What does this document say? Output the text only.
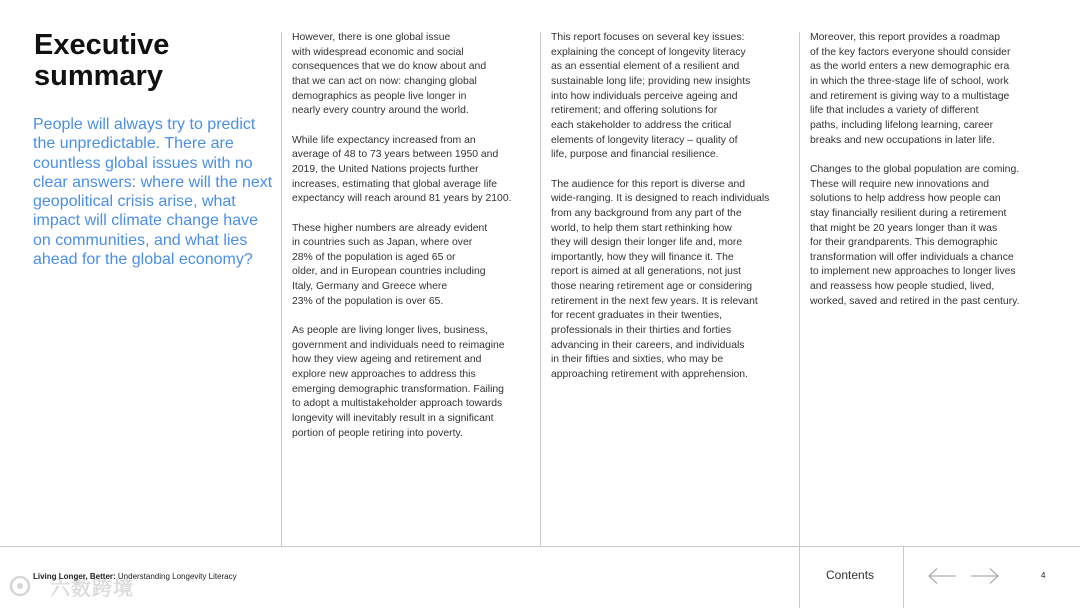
Executive
summary

People will always try to predict the unpredictable. There are countless global issues with no clear answers: where will the next geopolitical crisis arise, what impact will climate change have on communities, and what lies ahead for the global economy?

However, there is one global issue
with widespread economic and social
consequences that we do know about and
that we can act on now: changing global
demographics as people live longer in
nearly every country around the world.

While life expectancy increased from an
average of 48 to 73 years between 1950 and
2019, the United Nations projects further
increases, estimating that global average life
expectancy will reach around 81 years by 2100.

These higher numbers are already evident
in countries such as Japan, where over
28% of the population is aged 65 or
older, and in European countries including
Italy, Germany and Greece where
23% of the population is over 65.

As people are living longer lives, business,
government and individuals need to reimagine
how they view ageing and retirement and
explore new approaches to address this
emerging demographic transformation. Failing
to adopt a multistakeholder approach towards
longevity will inevitably result in a significant
portion of people retiring into poverty.

This report focuses on several key issues:
explaining the concept of longevity literacy
as an essential element of a resilient and
sustainable long life; providing new insights
into how individuals perceive ageing and
retirement; and offering solutions for
each stakeholder to address the critical
elements of longevity literacy – quality of
life, purpose and financial resilience.

The audience for this report is diverse and
wide-ranging. It is designed to reach individuals
from any background from any part of the
world, to help them start rethinking how
they will design their longer life and, more
importantly, how they will finance it. The
report is aimed at all generations, not just
those nearing retirement age or considering
retirement in the next few years. It is relevant
for recent graduates in their twenties,
professionals in their thirties and forties
advancing in their careers, and individuals
in their fifties and sixties, who may be
approaching retirement with apprehension.

Moreover, this report provides a roadmap
of the key factors everyone should consider
as the world enters a new demographic era
in which the three-stage life of school, work
and retirement is giving way to a multistage
life that includes a variety of different
paths, including lifelong learning, career
breaks and new occupations in later life.

Changes to the global population are coming.
These will require new innovations and
solutions to help address how people can
stay financially resilient during a retirement
that might be 20 years longer than it was
for their grandparents. This demographic
transformation will offer individuals a chance
to implement new approaches to longer lives
and reassess how people studied, lived,
worked, saved and retired in the past century.

六数跨境
Living Longer, Better: Understanding Longevity Literacy	Contents	4
